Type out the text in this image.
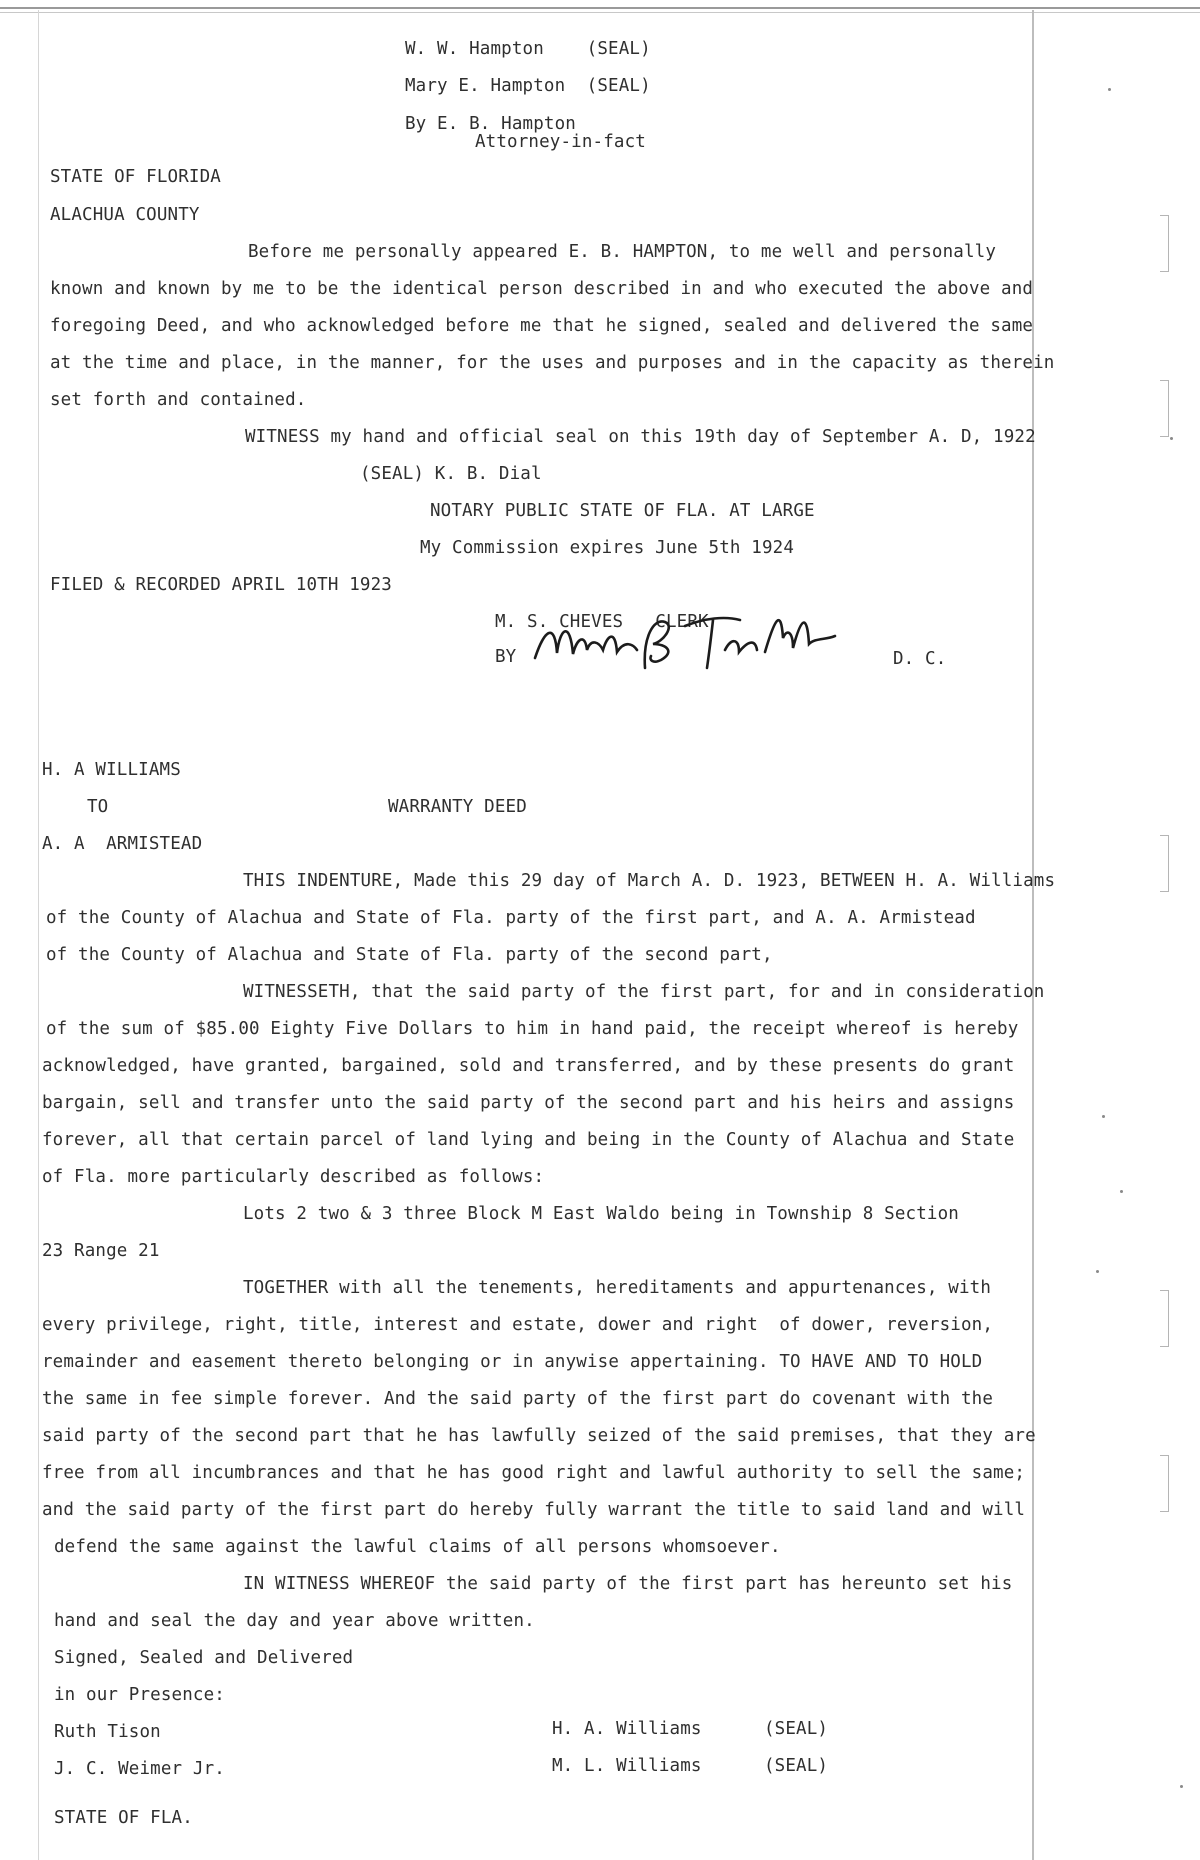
W. W. Hampton    (SEAL)
Mary E. Hampton  (SEAL)
By E. B. Hampton
Attorney-in-fact
STATE OF FLORIDA
ALACHUA COUNTY
Before me personally appeared E. B. HAMPTON, to me well and personally
known and known by me to be the identical person described in and who executed the above and
foregoing Deed, and who acknowledged before me that he signed, sealed and delivered the same
at the time and place, in the manner, for the uses and purposes and in the capacity as therein
set forth and contained.
WITNESS my hand and official seal on this 19th day of September A. D, 1922
(SEAL) K. B. Dial
NOTARY PUBLIC STATE OF FLA. AT LARGE
My Commission expires June 5th 1924
FILED & RECORDED APRIL 10TH 1923
M. S. CHEVES   CLERK
BY	D. C.
H. A WILLIAMS
TO	WARRANTY DEED
A. A  ARMISTEAD
THIS INDENTURE, Made this 29 day of March A. D. 1923, BETWEEN H. A. Williams
of the County of Alachua and State of Fla. party of the first part, and A. A. Armistead
of the County of Alachua and State of Fla. party of the second part,
WITNESSETH, that the said party of the first part, for and in consideration
of the sum of $85.00 Eighty Five Dollars to him in hand paid, the receipt whereof is hereby
acknowledged, have granted, bargained, sold and transferred, and by these presents do grant
bargain, sell and transfer unto the said party of the second part and his heirs and assigns
forever, all that certain parcel of land lying and being in the County of Alachua and State
of Fla. more particularly described as follows:
Lots 2 two & 3 three Block M East Waldo being in Township 8 Section
23 Range 21
TOGETHER with all the tenements, hereditaments and appurtenances, with
every privilege, right, title, interest and estate, dower and right  of dower, reversion,
remainder and easement thereto belonging or in anywise appertaining. TO HAVE AND TO HOLD
the same in fee simple forever. And the said party of the first part do covenant with the
said party of the second part that he has lawfully seized of the said premises, that they are
free from all incumbrances and that he has good right and lawful authority to sell the same;
and the said party of the first part do hereby fully warrant the title to said land and will
defend the same against the lawful claims of all persons whomsoever.
IN WITNESS WHEREOF the said party of the first part has hereunto set his
hand and seal the day and year above written.
Signed, Sealed and Delivered
in our Presence:
Ruth Tison	H. A. Williams	(SEAL)
J. C. Weimer Jr.	M. L. Williams	(SEAL)
STATE OF FLA.
